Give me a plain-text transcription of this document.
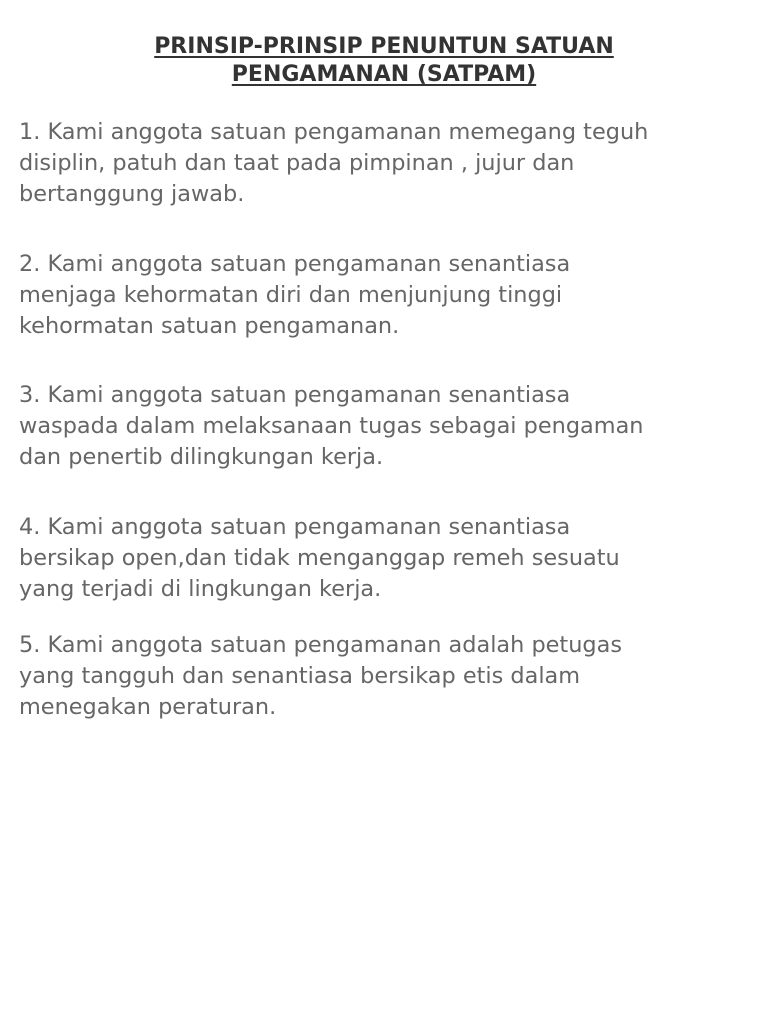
PRINSIP-PRINSIP PENUNTUN SATUAN
PENGAMANAN (SATPAM)

1. Kami anggota satuan pengamanan memegang teguh
disiplin, patuh dan taat pada pimpinan , jujur dan
bertanggung jawab.

2. Kami anggota satuan pengamanan senantiasa
menjaga kehormatan diri dan menjunjung tinggi
kehormatan satuan pengamanan.

3. Kami anggota satuan pengamanan senantiasa
waspada dalam melaksanaan tugas sebagai pengaman
dan penertib dilingkungan kerja.

4. Kami anggota satuan pengamanan senantiasa
bersikap open,dan tidak menganggap remeh sesuatu
yang terjadi di lingkungan kerja.

5. Kami anggota satuan pengamanan adalah petugas
yang tangguh dan senantiasa bersikap etis dalam
menegakan peraturan.
